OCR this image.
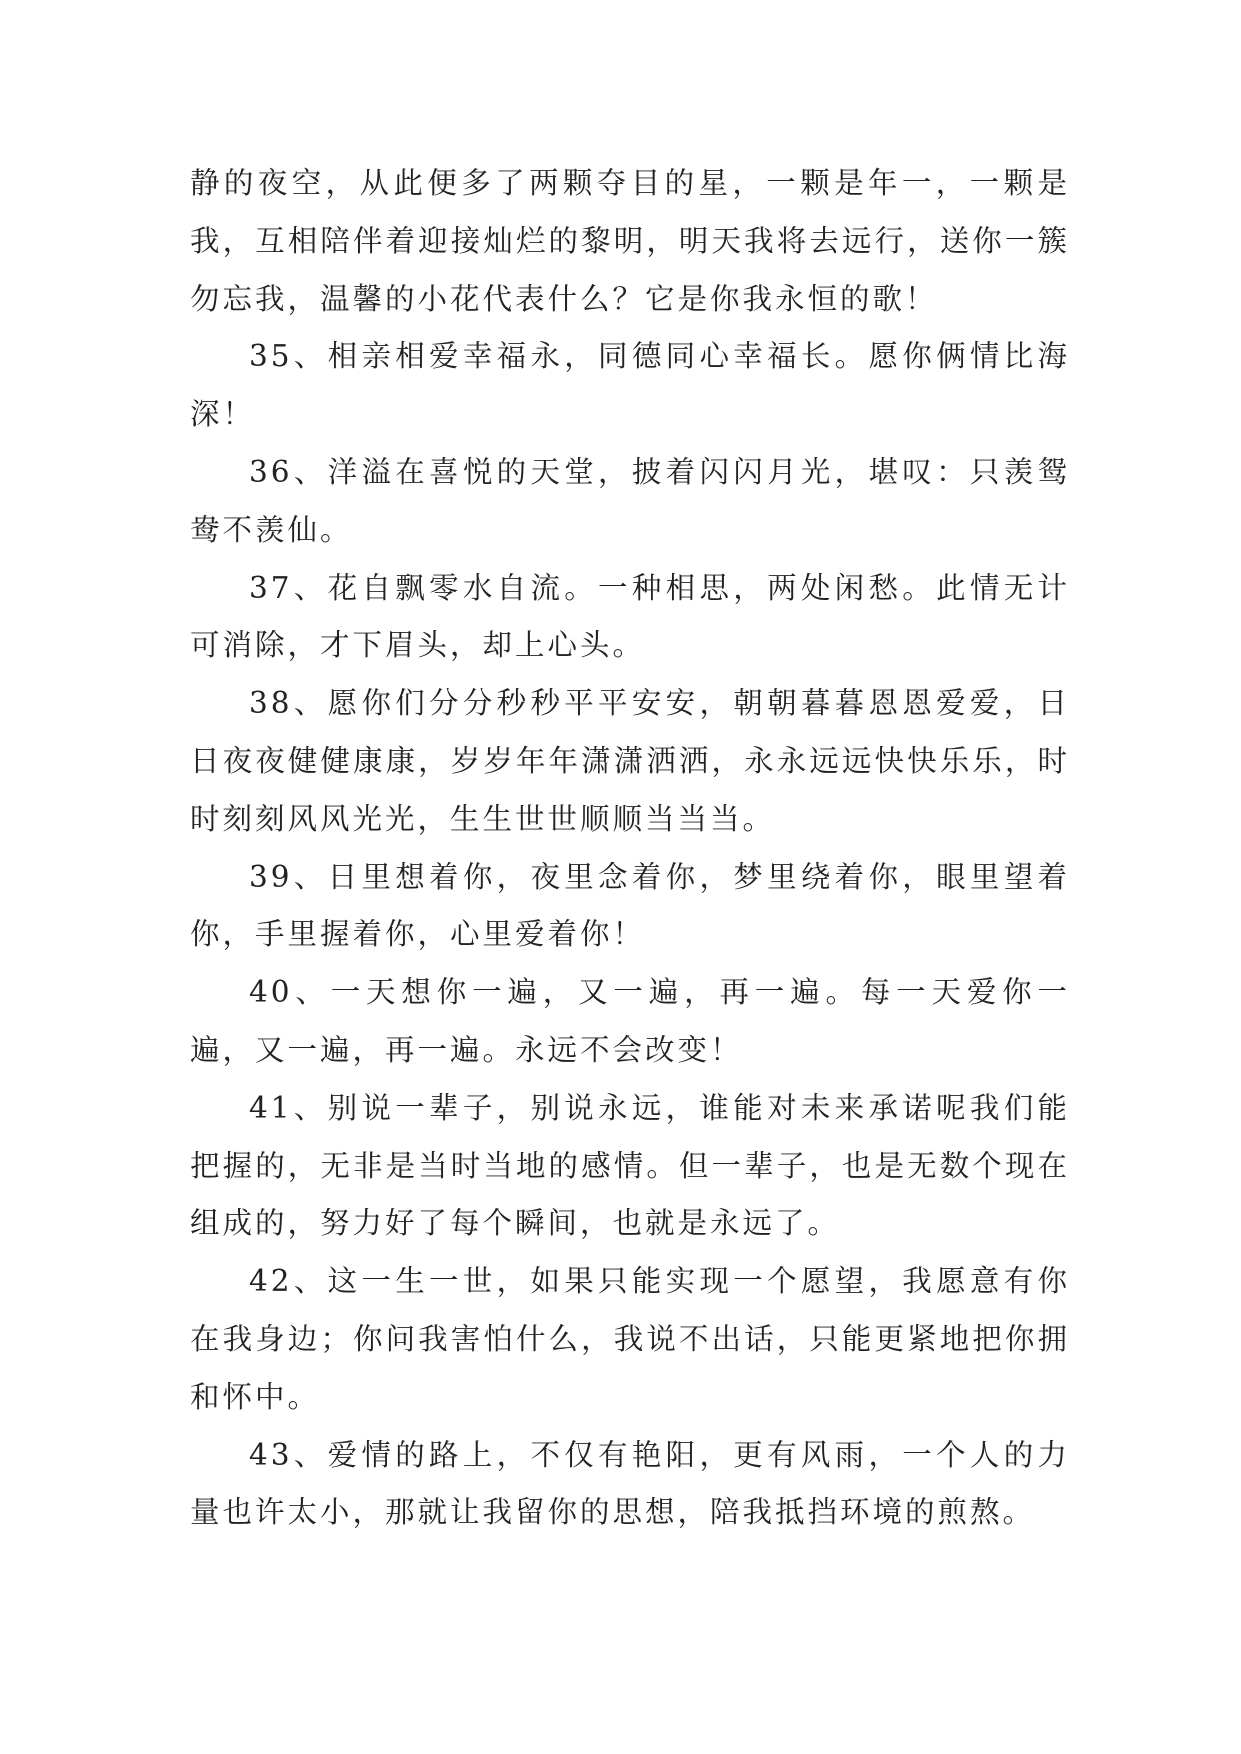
静的夜空，从此便多了两颗夺目的星，一颗是年一，一颗是我，互相陪伴着迎接灿烂的黎明，明天我将去远行，送你一簇勿忘我，温馨的小花代表什么？它是你我永恒的歌！

35、相亲相爱幸福永，同德同心幸福长。愿你俩情比海深！

36、洋溢在喜悦的天堂，披着闪闪月光，堪叹：只羡鸳鸯不羡仙。

37、花自飘零水自流。一种相思，两处闲愁。此情无计可消除，才下眉头，却上心头。

38、愿你们分分秒秒平平安安，朝朝暮暮恩恩爱爱，日日夜夜健健康康，岁岁年年潇潇洒洒，永永远远快快乐乐，时时刻刻风风光光，生生世世顺顺当当当。

39、日里想着你，夜里念着你，梦里绕着你，眼里望着你，手里握着你，心里爱着你！

40、一天想你一遍，又一遍，再一遍。每一天爱你一遍，又一遍，再一遍。永远不会改变！

41、别说一辈子，别说永远，谁能对未来承诺呢我们能把握的，无非是当时当地的感情。但一辈子，也是无数个现在组成的，努力好了每个瞬间，也就是永远了。

42、这一生一世，如果只能实现一个愿望，我愿意有你在我身边；你问我害怕什么，我说不出话，只能更紧地把你拥和怀中。

43、爱情的路上，不仅有艳阳，更有风雨，一个人的力量也许太小，那就让我留你的思想，陪我抵挡环境的煎熬。
